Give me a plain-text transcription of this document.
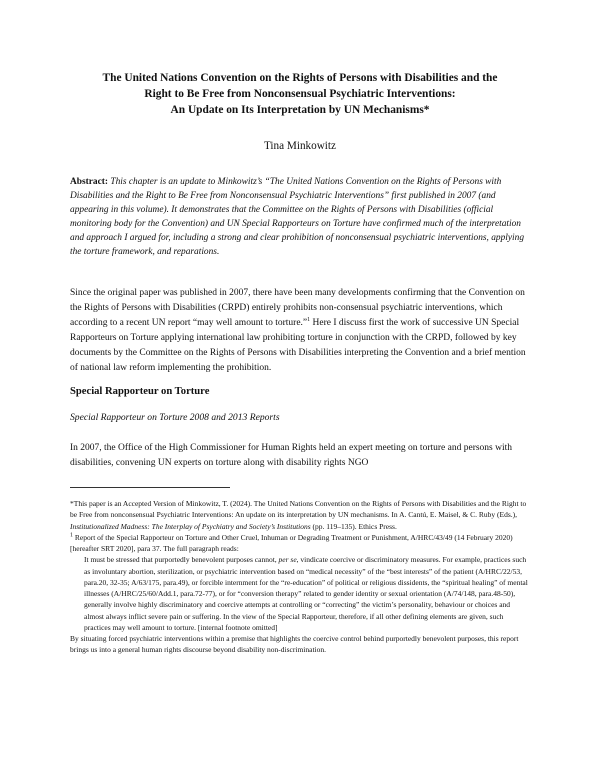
The United Nations Convention on the Rights of Persons with Disabilities and the
Right to Be Free from Nonconsensual Psychiatric Interventions:
An Update on Its Interpretation by UN Mechanisms*
Tina Minkowitz

Abstract: This chapter is an update to Minkowitz’s “The United Nations Convention on the Rights of Persons with Disabilities and the Right to Be Free from Nonconsensual Psychiatric Interventions” first published in 2007 (and appearing in this volume). It demonstrates that the Committee on the Rights of Persons with Disabilities (official monitoring body for the Convention) and UN Special Rapporteurs on Torture have confirmed much of the interpretation and approach I argued for, including a strong and clear prohibition of nonconsensual psychiatric interventions, applying the torture framework, and reparations.

Since the original paper was published in 2007, there have been many developments confirming that the Convention on the Rights of Persons with Disabilities (CRPD) entirely prohibits non-consensual psychiatric interventions, which according to a recent UN report “may well amount to torture.”$^1$ Here I discuss first the work of successive UN Special Rapporteurs on Torture applying international law prohibiting torture in conjunction with the CRPD, followed by key documents by the Committee on the Rights of Persons with Disabilities interpreting the Convention and a brief mention of national law reform implementing the prohibition.

Special Rapporteur on Torture
Special Rapporteur on Torture 2008 and 2013 Reports

In 2007, the Office of the High Commissioner for Human Rights held an expert meeting on torture and persons with disabilities, convening UN experts on torture along with disability rights NGO

*This paper is an Accepted Version of Minkowitz, T. (2024). The United Nations Convention on the Rights of Persons with Disabilities and the Right to be Free from nonconsensual Psychiatric Interventions: An update on its interpretation by UN mechanisms. In A. Cantú, E. Maisel, & C. Ruby (Eds.), Institutionalized Madness: The Interplay of Psychiatry and Society’s Institutions (pp. 119–135). Ethics Press.

$^1$ Report of the Special Rapporteur on Torture and Other Cruel, Inhuman or Degrading Treatment or Punishment, A/HRC/43/49 (14 February 2020) [hereafter SRT 2020], para 37. The full paragraph reads:

It must be stressed that purportedly benevolent purposes cannot, per se, vindicate coercive or discriminatory measures. For example, practices such as involuntary abortion, sterilization, or psychiatric intervention based on “medical necessity” of the “best interests” of the patient (A/HRC/22/53, para.20, 32-35; A/63/175, para.49), or forcible internment for the “re-education” of political or religious dissidents, the “spiritual healing” of mental illnesses (A/HRC/25/60/Add.1, para.72-77), or for “conversion therapy” related to gender identity or sexual orientation (A/74/148, para.48-50), generally involve highly discriminatory and coercive attempts at controlling or “correcting” the victim’s personality, behaviour or choices and almost always inflict severe pain or suffering. In the view of the Special Rapporteur, therefore, if all other defining elements are given, such practices may well amount to torture. [internal footnote omitted]

By situating forced psychiatric interventions within a premise that highlights the coercive control behind purportedly benevolent purposes, this report brings us into a general human rights discourse beyond disability non-discrimination.
